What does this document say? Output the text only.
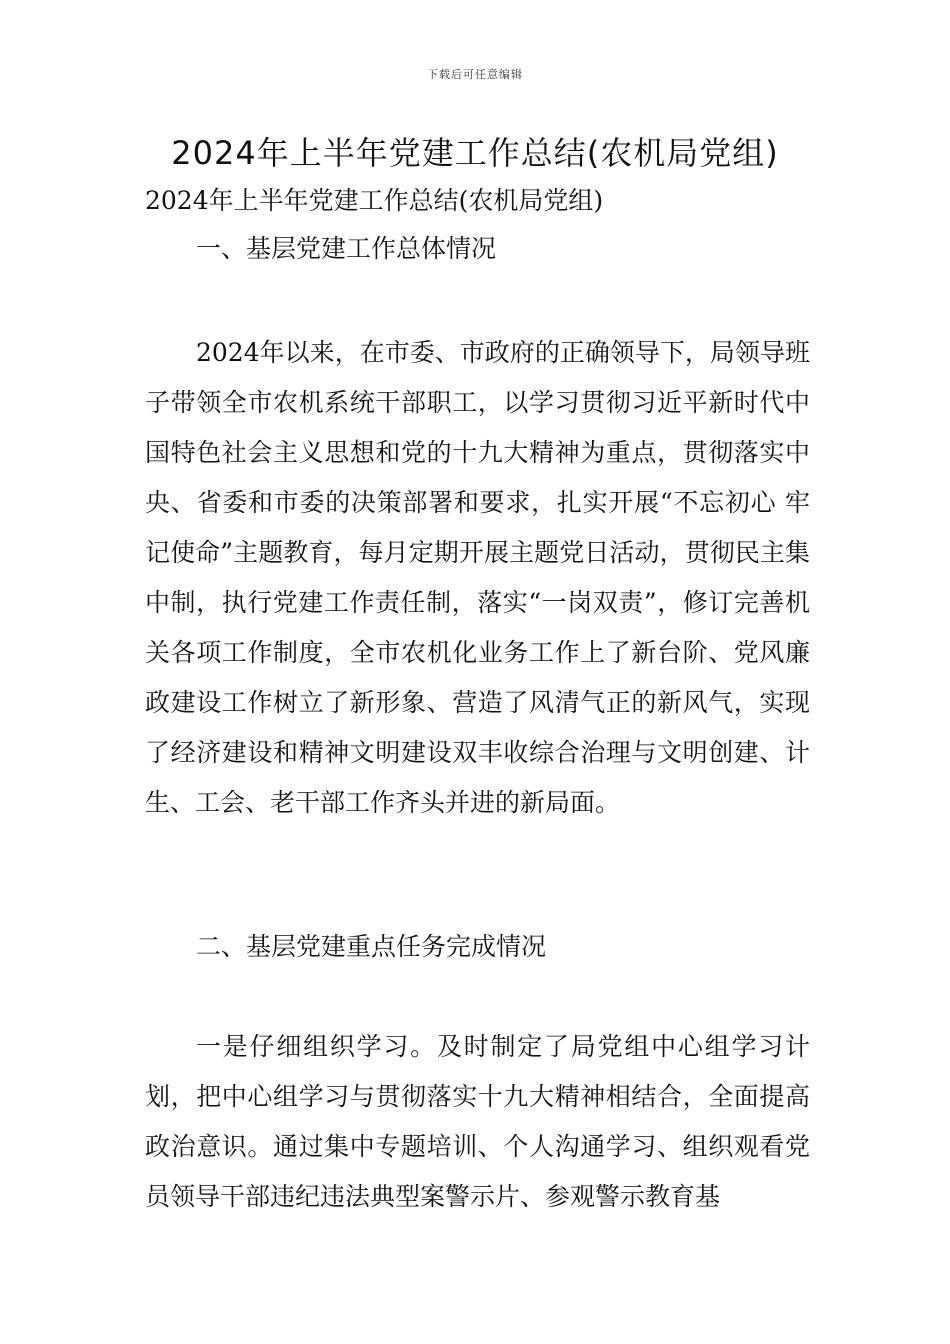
下载后可任意编辑
2024年上半年党建工作总结(农机局党组)

2024年上半年党建工作总结(农机局党组)

一、基层党建工作总体情况

2024年以来，在市委、市政府的正确领导下，局领导班子带领全市农机系统干部职工，以学习贯彻习近平新时代中国特色社会主义思想和党的十九大精神为重点，贯彻落实中央、省委和市委的决策部署和要求，扎实开展“不忘初心 牢记使命”主题教育，每月定期开展主题党日活动，贯彻民主集中制，执行党建工作责任制，落实“一岗双责”，修订完善机关各项工作制度，全市农机化业务工作上了新台阶、党风廉政建设工作树立了新形象、营造了风清气正的新风气，实现了经济建设和精神文明建设双丰收综合治理与文明创建、计生、工会、老干部工作齐头并进的新局面。

二、基层党建重点任务完成情况

一是仔细组织学习。及时制定了局党组中心组学习计划，把中心组学习与贯彻落实十九大精神相结合，全面提高政治意识。通过集中专题培训、个人沟通学习、组织观看党员领导干部违纪违法典型案警示片、参观警示教育基
